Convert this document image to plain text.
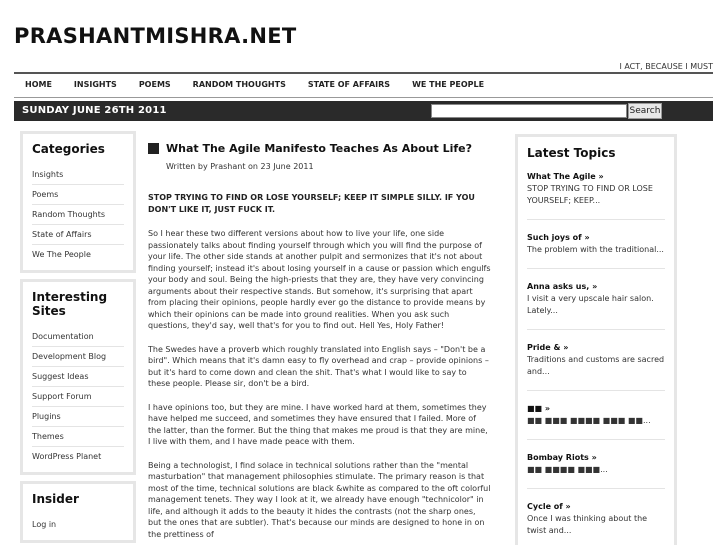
PRASHANTMISHRA.NET
I ACT, BECAUSE I MUST
HOME	INSIGHTS	POEMS	RANDOM THOUGHTS	STATE OF AFFAIRS	WE THE PEOPLE
SUNDAY JUNE 26TH 2011	Search
Categories
Insights
Poems
Random Thoughts
State of Affairs
We The People
Interesting Sites
Documentation
Development Blog
Suggest Ideas
Support Forum
Plugins
Themes
WordPress Planet
Insider
Log in
What The Agile Manifesto Teaches As About Life?
Written by Prashant on 23 June 2011
STOP TRYING TO FIND OR LOSE YOURSELF; KEEP IT SIMPLE SILLY. IF YOU DON'T LIKE IT, JUST FUCK IT.

So I hear these two different versions about how to live your life, one side passionately talks about finding yourself through which you will find the purpose of your life. The other side stands at another pulpit and sermonizes that it's not about finding yourself; instead it's about losing yourself in a cause or passion which engulfs your body and soul. Being the high-priests that they are, they have very convincing arguments about their respective stands. But somehow, it's surprising that apart from placing their opinions, people hardly ever go the distance to provide means by which their opinions can be made into ground realities. When you ask such questions, they'd say, well that's for you to find out. Hell Yes, Holy Father!

The Swedes have a proverb which roughly translated into English says – "Don't be a bird". Which means that it's damn easy to fly overhead and crap – provide opinions – but it's hard to come down and clean the shit. That's what I would like to say to these people. Please sir, don't be a bird.

I have opinions too, but they are mine. I have worked hard at them, sometimes they have helped me succeed, and sometimes they have ensured that I failed. More of the latter, than the former. But the thing that makes me proud is that they are mine, I live with them, and I have made peace with them.

Being a technologist, I find solace in technical solutions rather than the "mental masturbation" that management philosophies stimulate. The primary reason is that most of the time, technical solutions are black &white as compared to the oft colorful management tenets. They way I look at it, we already have enough "technicolor" in life, and although it adds to the beauty it hides the contrasts (not the sharp ones, but the ones that are subtler). That's because our minds are designed to hone in on the prettiness of

Latest Topics
What The Agile »
STOP TRYING TO FIND OR LOSE YOURSELF; KEEP...
Such joys of »
The problem with the traditional...
Anna asks us, »
I visit a very upscale hair salon. Lately...
Pride & »
Traditions and customs are sacred and...
■■ »
■■ ■■■ ■■■■ ■■■ ■■...
Bombay Riots »
■■ ■■■■ ■■■...
Cycle of »
Once I was thinking about the twist and...
